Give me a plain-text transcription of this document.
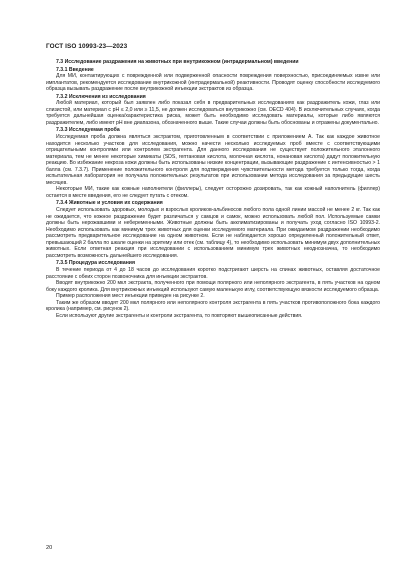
ГОСТ ISO 10993-23—2023

7.3 Исследование раздражения на животных при внутрикожном (интрадермальном) введении

7.3.1 Введение

Для МИ, контактирующих с поврежденной или подверженной опасности повреждения поверхностью, присоединяемых извне или имплантатов, рекомендуется исследование внутрикожной (интрадермальной) реактивности. Проводят оценку способности исследуемого образца вызывать раздражение после внутрикожной инъекции экстрактов из образца.

7.3.2 Исключения из исследования

Любой материал, который был заявлен либо показал себя в предварительных исследованиях как раздражитель кожи, глаз или слизистой, или материал с pH ≤ 2,0 или ≥ 11,5, не должен исследоваться внутрикожно (см. OECD 404). В исключительных случаях, когда требуется дальнейшая оценка/характеристика риска, может быть необходимо исследовать материалы, которые либо являются раздражителем, либо имеют pH вне диапазона, обозначенного выше. Такие случаи должны быть обоснованы и отражены документально.

7.3.3 Исследуемая проба

Исследуемая проба должна являться экстрактом, приготовленным в соответствии с приложением A. Так как каждое животное находится несколько участков для исследования, можно начести несколько исследуемых проб вместе с соответствующими отрицательными контролями или контролем экстрагента. Для данного исследования не существует положительного эталонного материала, тем не менее некоторые химикаты (SDS, гептановая кислота, молочная кислота, нонановая кислота) дадут положительную реакцию. Во избежание некроза кожи должны быть использованы низкие концентрации, вызывающие раздражение с интенсивностью > 1 балла (см. 7.3.7). Применение положительного контроля для подтверждения чувствительности метода требуется только тогда, когда испытательная лаборатория не получала положительных результатов при использовании метода исследования за предыдущие шесть месяцев.

Некоторые МИ, такие как кожные наполнители (филлеры), следует осторожно дозировать, так как кожный наполнитель (филлер) остается в месте введения, его не следует путать с отеком.

7.3.4 Животные и условия их содержания

Следует использовать здоровых, молодых и взрослых кроликов-альбиносов любого пола одной линии массой не менее 2 кг. Так как не ожидается, что кожное раздражение будет различаться у самцов и самок, можно использовать любой пол. Используемые самки должны быть нерожавшими и небеременными. Животные должны быть акклиматизированы и получать уход согласно ISO 10993-2. Необходимо использовать как минимум трех животных для оценки исследуемого материала. При ожидаемом раздражении необходимо рассмотреть предварительное исследование на одном животном. Если не наблюдается хорошо определенный положительный ответ, превышающий 2 балла по шкале оценки на эритему или отек (см. таблицу 4), то необходимо использовать минимум двух дополнительных животных. Если ответная реакция при исследовании с использованием минимум трех животных неоднозначна, то необходимо рассмотреть возможность дальнейшего исследования.

7.3.5 Процедура исследования

В течение периода от 4 до 18 часов до исследования коротко подстригают шерсть на спинах животных, оставляя достаточное расстояние с обеих сторон позвоночника для инъекции экстрактов.

Вводят внутрикожно 200 мкл экстракта, полученного при помощи полярного или неполярного экстрагента, в пять участков на одном боку каждого кролика. Для внутрикожных инъекций используют самую маленькую иглу, соответствующую вязкости исследуемого образца.

Пример расположения мест инъекции приведен на рисунке 2.

Таким же образом вводят 200 мкл полярного или неполярного контроля экстрагента в пять участков противоположного бока каждого кролика (например, см. рисунок 2).

Если используют другие экстрагенты и контроли экстрагента, то повторяют вышеописанные действия.

20
